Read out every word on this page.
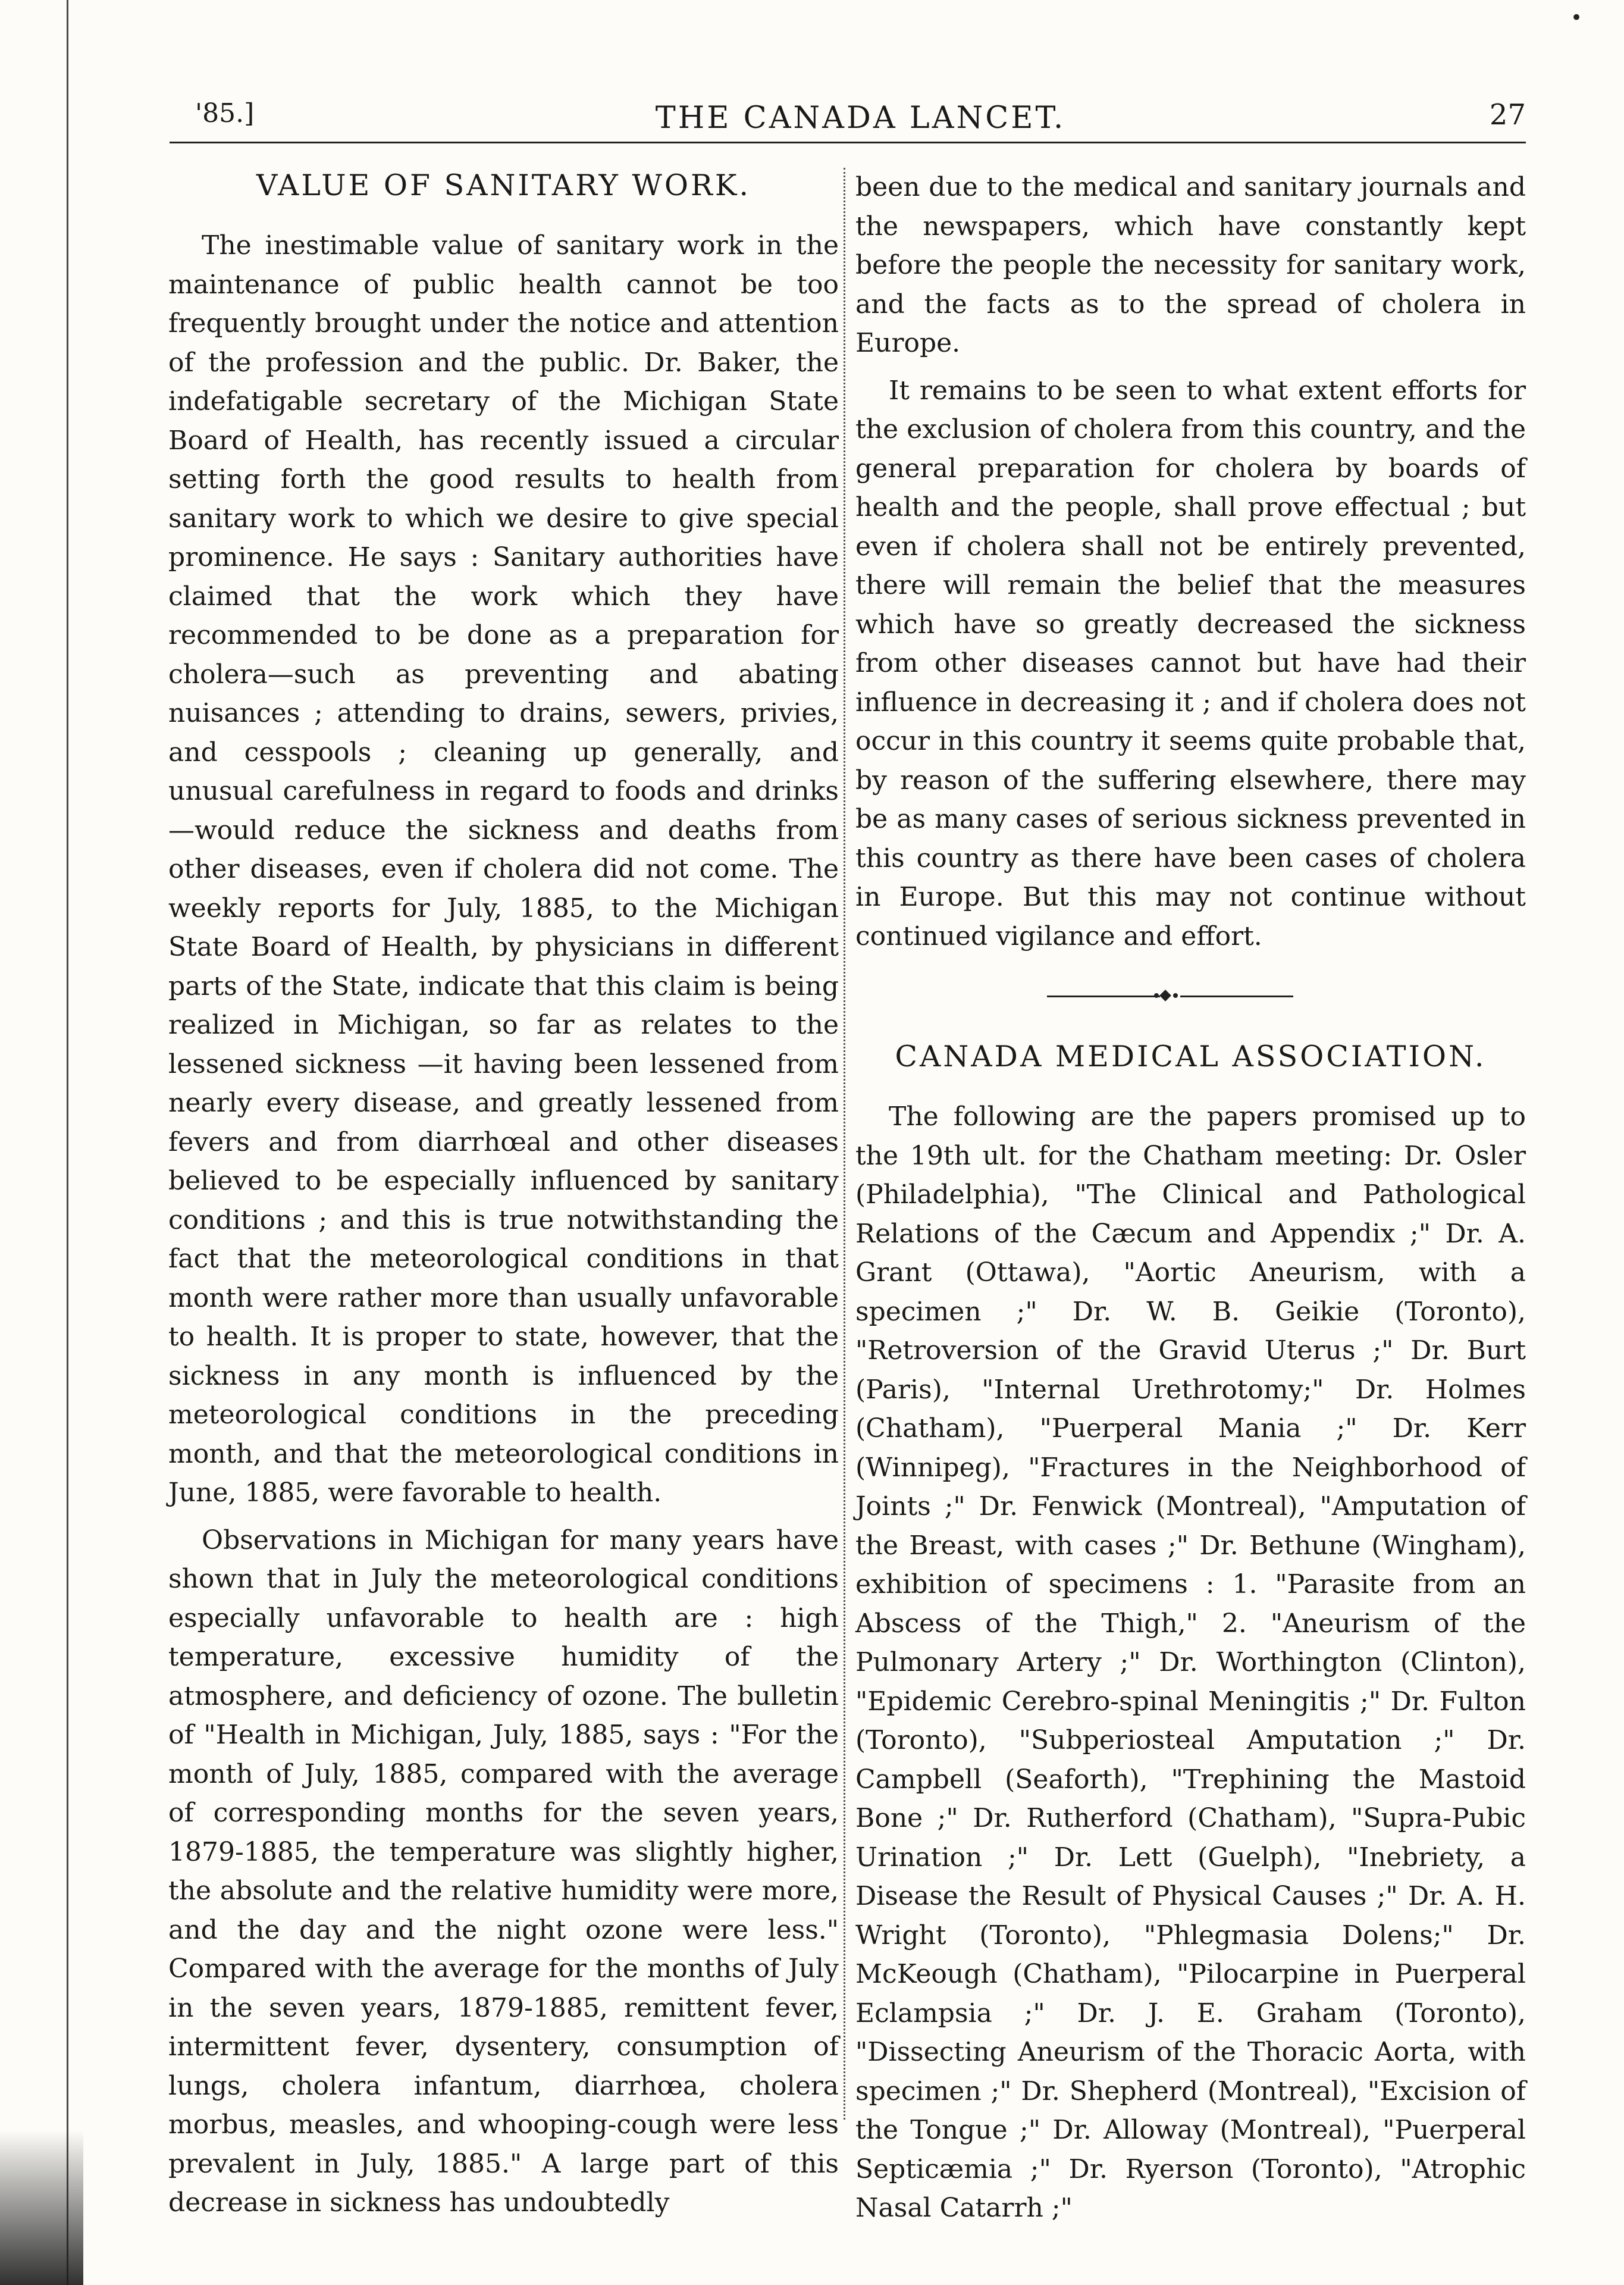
•
'85.]	THE CANADA LANCET.	27
VALUE OF SANITARY WORK.

The inestimable value of sanitary work in the maintenance of public health cannot be too frequently brought under the notice and attention of the profession and the public. Dr. Baker, the indefatigable secretary of the Michigan State Board of Health, has recently issued a circular setting forth the good results to health from sanitary work to which we desire to give special prominence. He says : Sanitary authorities have claimed that the work which they have recommended to be done as a preparation for cholera—such as preventing and abating nuisances ; attending to drains, sewers, privies, and cesspools ; cleaning up generally, and unusual carefulness in regard to foods and drinks —would reduce the sickness and deaths from other diseases, even if cholera did not come. The weekly reports for July, 1885, to the Michigan State Board of Health, by physicians in different parts of the State, indicate that this claim is being realized in Michigan, so far as relates to the lessened sickness —it having been lessened from nearly every disease, and greatly lessened from fevers and from diarrhœal and other diseases believed to be especially influenced by sanitary conditions ; and this is true notwithstanding the fact that the meteorological conditions in that month were rather more than usually unfavorable to health. It is proper to state, however, that the sickness in any month is influenced by the meteorological conditions in the preceding month, and that the meteorological conditions in June, 1885, were favorable to health.

Observations in Michigan for many years have shown that in July the meteorological conditions especially unfavorable to health are : high temperature, excessive humidity of the atmosphere, and deficiency of ozone. The bulletin of "Health in Michigan, July, 1885, says : "For the month of July, 1885, compared with the average of corresponding months for the seven years, 1879-1885, the temperature was slightly higher, the absolute and the relative humidity were more, and the day and the night ozone were less." Compared with the average for the months of July in the seven years, 1879-1885, remittent fever, intermittent fever, dysentery, consumption of lungs, cholera infantum, diarrhœa, cholera morbus, measles, and whooping-cough were less prevalent in July, 1885." A large part of this decrease in sickness has undoubtedly

been due to the medical and sanitary journals and the newspapers, which have constantly kept before the people the necessity for sanitary work, and the facts as to the spread of cholera in Europe.

It remains to be seen to what extent efforts for the exclusion of cholera from this country, and the general preparation for cholera by boards of health and the people, shall prove effectual ; but even if cholera shall not be entirely prevented, there will remain the belief that the measures which have so greatly decreased the sickness from other diseases cannot but have had their influence in decreasing it ; and if cholera does not occur in this country it seems quite probable that, by reason of the suffering elsewhere, there may be as many cases of serious sickness prevented in this country as there have been cases of cholera in Europe. But this may not continue without continued vigilance and effort.

CANADA MEDICAL ASSOCIATION.

The following are the papers promised up to the 19th ult. for the Chatham meeting: Dr. Osler (Philadelphia), "The Clinical and Pathological Relations of the Cæcum and Appendix ;" Dr. A. Grant (Ottawa), "Aortic Aneurism, with a specimen ;" Dr. W. B. Geikie (Toronto), "Retroversion of the Gravid Uterus ;" Dr. Burt (Paris), "Internal Urethrotomy;" Dr. Holmes (Chatham), "Puerperal Mania ;" Dr. Kerr (Winnipeg), "Fractures in the Neighborhood of Joints ;" Dr. Fenwick (Montreal), "Amputation of the Breast, with cases ;" Dr. Bethune (Wingham), exhibition of specimens : 1. "Parasite from an Abscess of the Thigh," 2. "Aneurism of the Pulmonary Artery ;" Dr. Worthington (Clinton), "Epidemic Cerebro-spinal Meningitis ;" Dr. Fulton (Toronto), "Subperiosteal Amputation ;" Dr. Campbell (Seaforth), "Trephining the Mastoid Bone ;" Dr. Rutherford (Chatham), "Supra-Pubic Urination ;" Dr. Lett (Guelph), "Inebriety, a Disease the Result of Physical Causes ;" Dr. A. H. Wright (Toronto), "Phlegmasia Dolens;" Dr. McKeough (Chatham), "Pilocarpine in Puerperal Eclampsia ;" Dr. J. E. Graham (Toronto), "Dissecting Aneurism of the Thoracic Aorta, with specimen ;" Dr. Shepherd (Montreal), "Excision of the Tongue ;" Dr. Alloway (Montreal), "Puerperal Septicæmia ;" Dr. Ryerson (Toronto), "Atrophic Nasal Catarrh ;"
